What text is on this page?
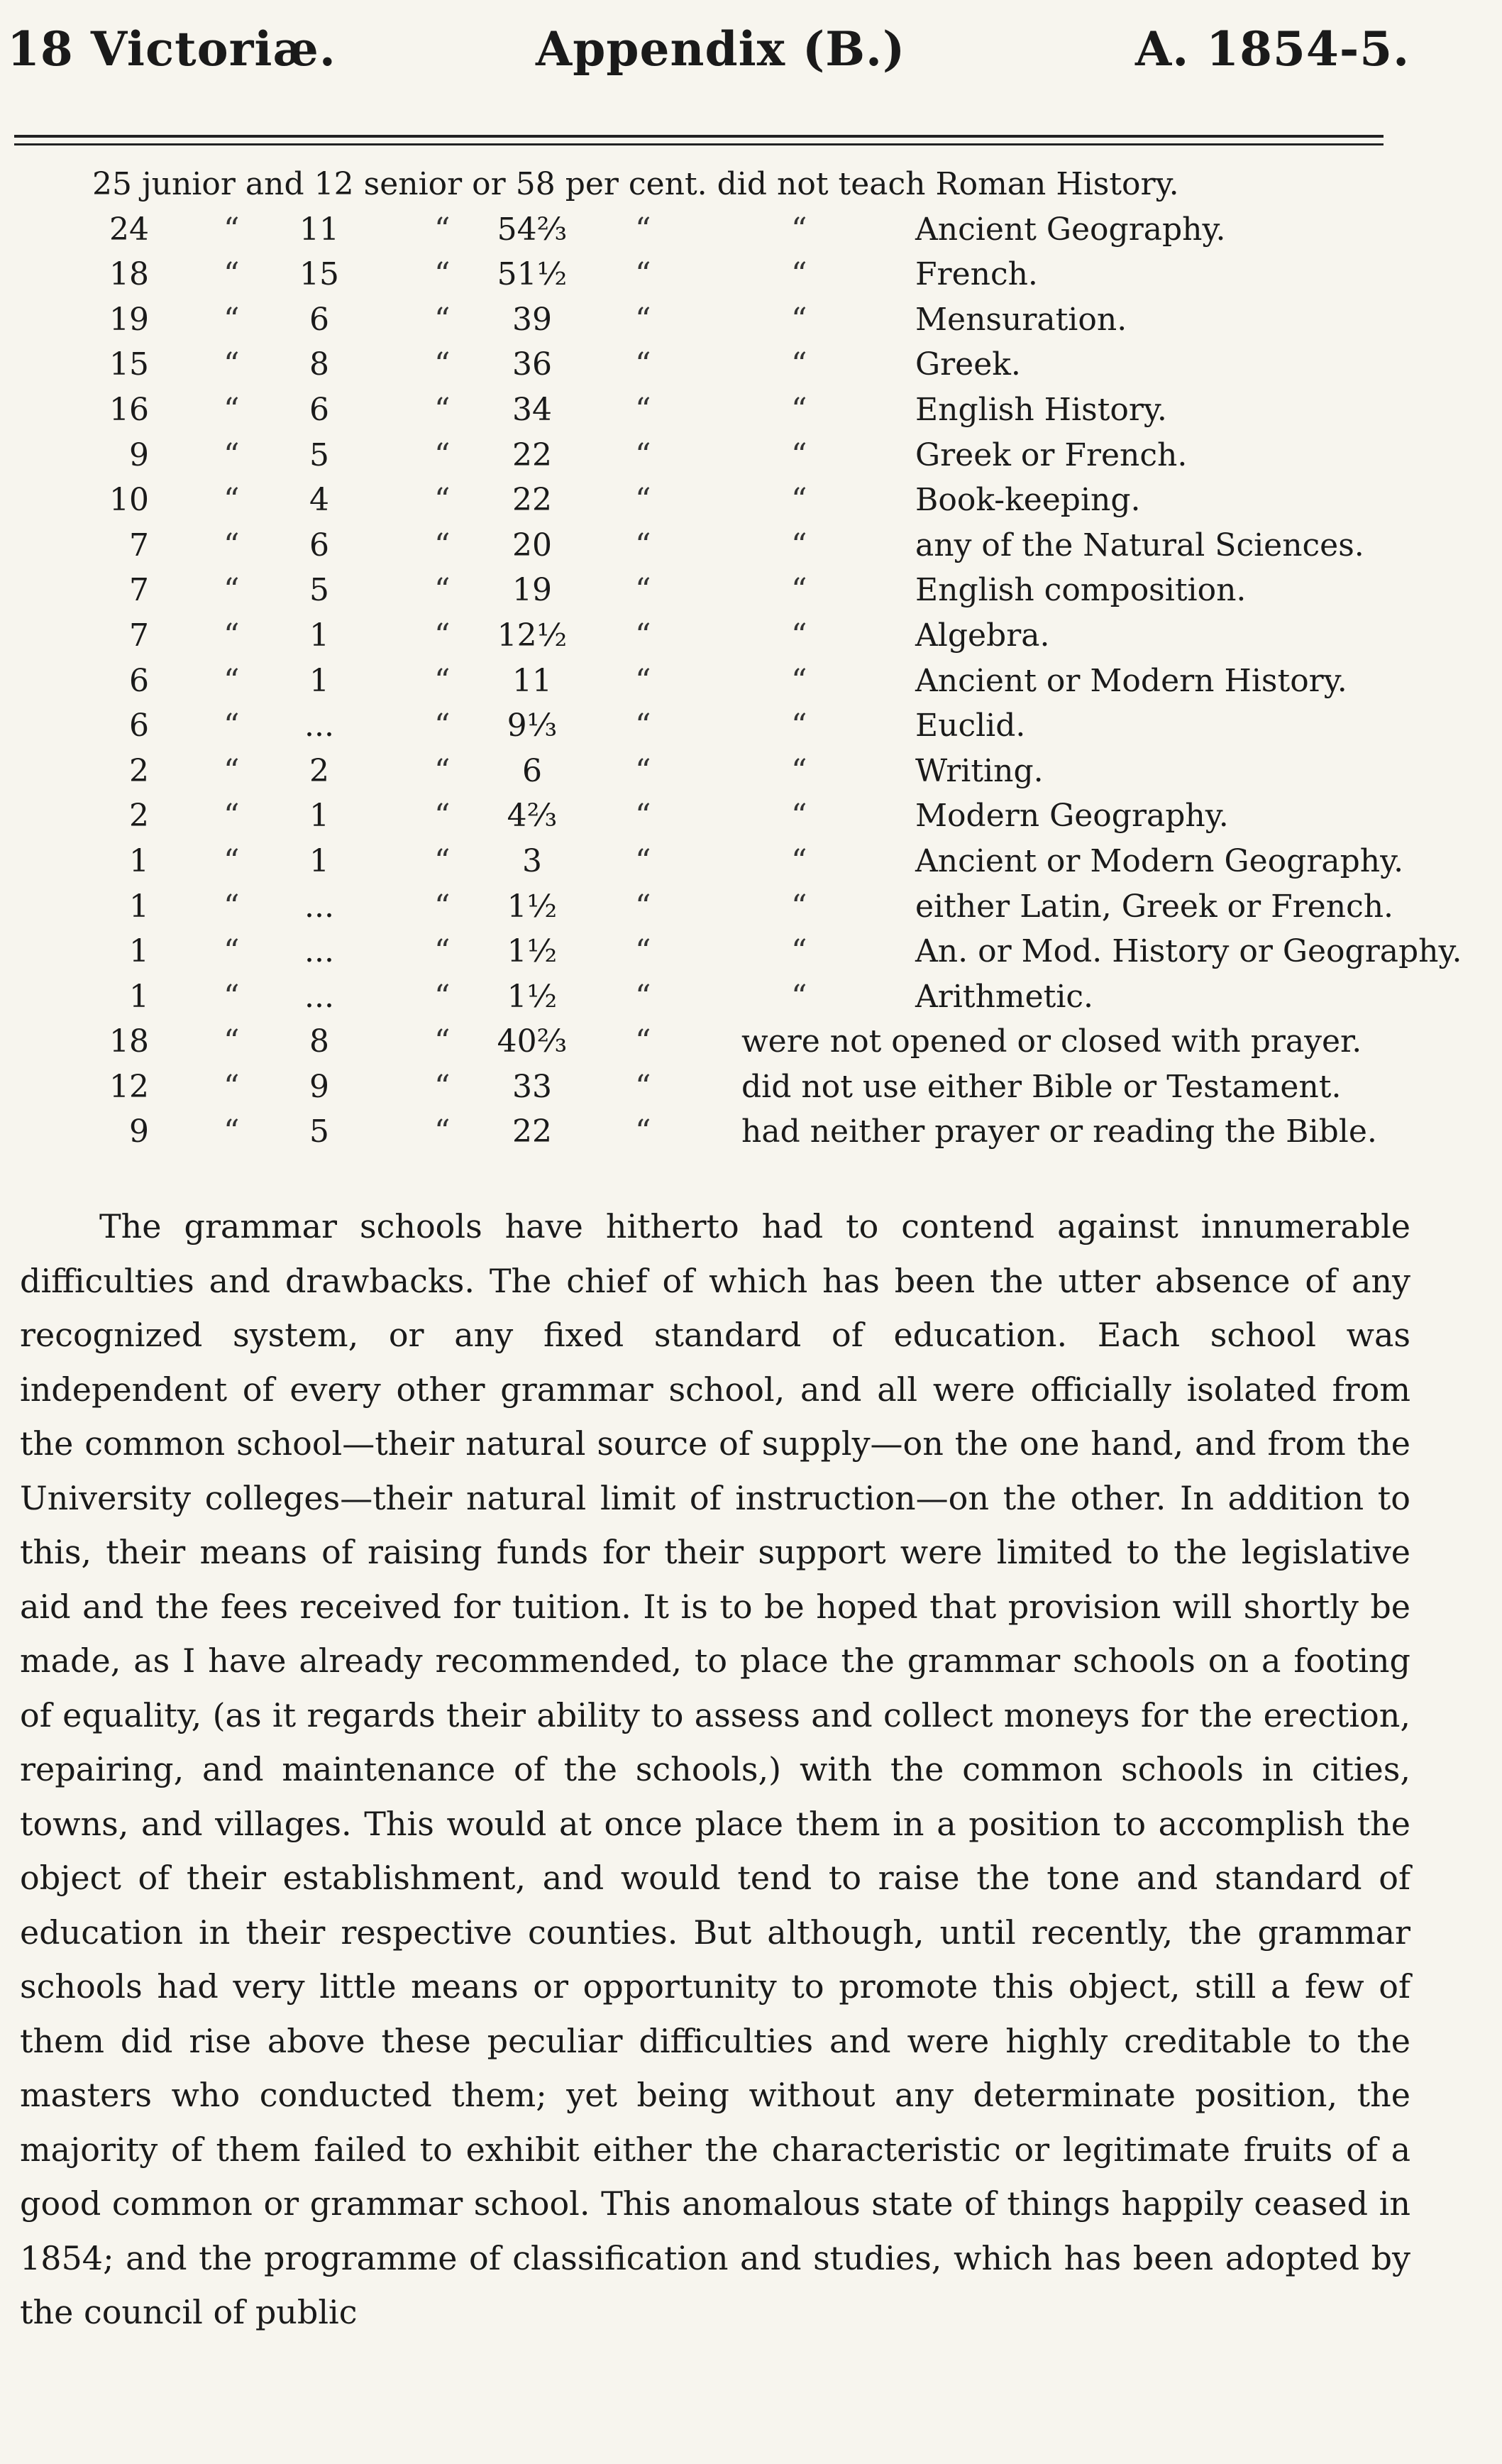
18 Victoriæ.	Appendix (B.)	A. 1854-5.
25 junior and 12 senior or 58 per cent. did not teach Roman History.
24 “ 11	“ 54⅔ “	“	Ancient Geography.
18 “ 15	“ 51½ “	“	French.
19 “	6	“	39	“	“	Mensuration.
15 “	8	“	36	“	“	Greek.
16 “	6	“	34	“	“	English History.
9 “	5	“	22	“	“	Greek or French.
10 “	4	“	22	“	“	Book-keeping.
7 “	6	“	20	“	“	any of the Natural Sciences.
7 “	5	“	19	“	“	English composition.
7 “	1	“ 12½ “	“	Algebra.
6 “	1	“	11	“	“	Ancient or Modern History.
6 “	...	“	9⅓	“	“	Euclid.
2 “	2	“	6	“	“	Writing.
2 “	1	“	4⅔	“	“	Modern Geography.
1 “	1	“	3	“	“	Ancient or Modern Geography.
1 “	...	“	1½	“	“	either Latin, Greek or French.
1 “	...	“	1½	“	“	An. or Mod. History or Geography.
1 “	...	“	1½	“	“	Arithmetic.
18 “	8	“ 40⅔ “	were not opened or closed with prayer.
12 “	9	“	33	“	did not use either Bible or Testament.
9 “	5	“	22	“	had neither prayer or reading the Bible.

The grammar schools have hitherto had to contend against innumerable difficulties and drawbacks. The chief of which has been the utter absence of any recognized system, or any fixed standard of education. Each school was independent of every other grammar school, and all were officially isolated from the common school—their natural source of supply—on the one hand, and from the University colleges—their natural limit of instruction—on the other. In addition to this, their means of raising funds for their support were limited to the legislative aid and the fees received for tuition. It is to be hoped that provision will shortly be made, as I have already recommended, to place the grammar schools on a footing of equality, (as it regards their ability to assess and collect moneys for the erection, repairing, and maintenance of the schools,) with the common schools in cities, towns, and villages. This would at once place them in a position to accomplish the object of their establishment, and would tend to raise the tone and standard of education in their respective counties. But although, until recently, the grammar schools had very little means or opportunity to promote this object, still a few of them did rise above these peculiar difficulties and were highly creditable to the masters who conducted them; yet being without any determinate position, the majority of them failed to exhibit either the characteristic or legitimate fruits of a good common or grammar school. This anomalous state of things happily ceased in 1854; and the programme of classification and studies, which has been adopted by the council of public
